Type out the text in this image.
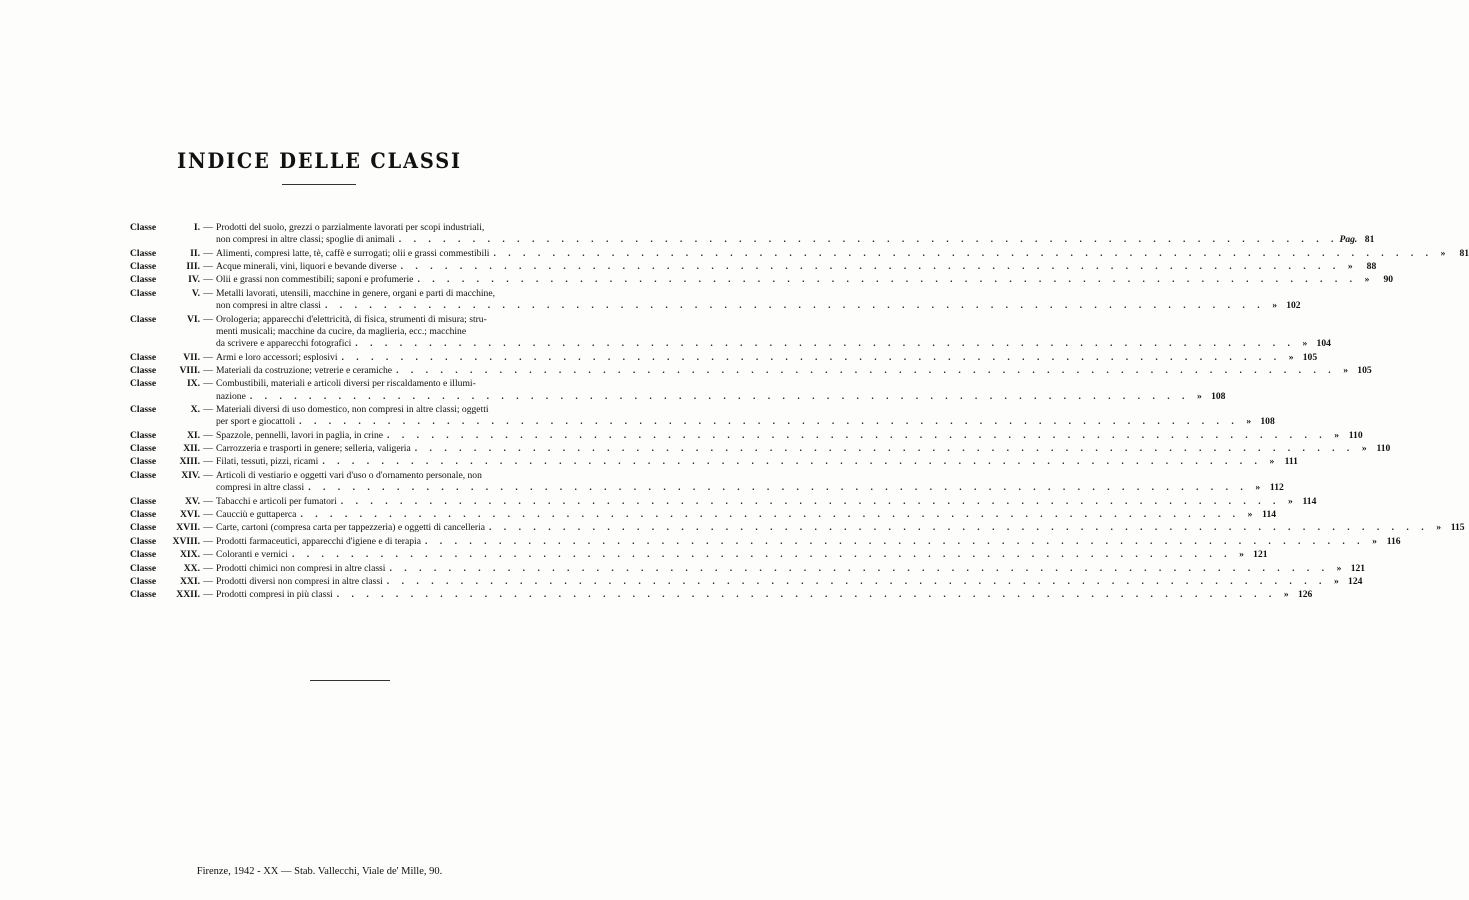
INDICE DELLE CLASSI
Classe	I. — Prodotti del suolo, grezzi o parzialmente lavorati per scopi industriali,
non compresi in altre classi; spoglie di animali . . . . . . . . . . . . . . . . . . . . . . . . . . . . . . . . . . . . . . . . . . . . . . . . . . . . . . . . . . . . . . . . Pag. 81
Classe	II. — Alimenti, compresi latte, tè, caffè e surrogati; olii e grassi commestibili . . . . . . . . . . . . . . . . . . . . . . . . . . . . . . . . . . . . . . . . . . . . . . . . . . . . . . . . . . . . . . . . »	81
Classe	III. — Acque minerali, vini, liquori e bevande diverse . . . . . . . . . . . . . . . . . . . . . . . . . . . . . . . . . . . . . . . . . . . . . . . . . . . . . . . . . . . . . . . . »	88
Classe	IV. — Olii e grassi non commestibili; saponi e profumerie . . . . . . . . . . . . . . . . . . . . . . . . . . . . . . . . . . . . . . . . . . . . . . . . . . . . . . . . . . . . . . . . »	90
Classe	V. — Metalli lavorati, utensili, macchine in genere, organi e parti di macchine,
non compresi in altre classi . . . . . . . . . . . . . . . . . . . . . . . . . . . . . . . . . . . . . . . . . . . . . . . . . . . . . . . . . . . . . . . . » 102
Classe	VI. — Orologeria; apparecchi d'elettricità, di fisica, strumenti di misura; stru-
menti musicali; macchine da cucire, da maglieria, ecc.; macchine
da scrivere e apparecchi fotografici . . . . . . . . . . . . . . . . . . . . . . . . . . . . . . . . . . . . . . . . . . . . . . . . . . . . . . . . . . . . . . . . » 104
Classe	VII. — Armi e loro accessori; esplosivi . . . . . . . . . . . . . . . . . . . . . . . . . . . . . . . . . . . . . . . . . . . . . . . . . . . . . . . . . . . . . . . . » 105
Classe	VIII. — Materiali da costruzione; vetrerie e ceramiche . . . . . . . . . . . . . . . . . . . . . . . . . . . . . . . . . . . . . . . . . . . . . . . . . . . . . . . . . . . . . . . . » 105
Classe	IX. — Combustibili, materiali e articoli diversi per riscaldamento e illumi-
nazione . . . . . . . . . . . . . . . . . . . . . . . . . . . . . . . . . . . . . . . . . . . . . . . . . . . . . . . . . . . . . . . . » 108
Classe	X. — Materiali diversi di uso domestico, non compresi in altre classi; oggetti
per sport e giocattoli . . . . . . . . . . . . . . . . . . . . . . . . . . . . . . . . . . . . . . . . . . . . . . . . . . . . . . . . . . . . . . . . » 108
Classe	XI. — Spazzole, pennelli, lavori in paglia, in crine . . . . . . . . . . . . . . . . . . . . . . . . . . . . . . . . . . . . . . . . . . . . . . . . . . . . . . . . . . . . . . . . »	110
Classe	XII. — Carrozzeria e trasporti in genere; selleria, valigeria . . . . . . . . . . . . . . . . . . . . . . . . . . . . . . . . . . . . . . . . . . . . . . . . . . . . . . . . . . . . . . . . »	110
Classe	XIII. — Filati, tessuti, pizzi, ricami . . . . . . . . . . . . . . . . . . . . . . . . . . . . . . . . . . . . . . . . . . . . . . . . . . . . . . . . . . . . . . . . »	111
Classe	XIV. — Articoli di vestiario e oggetti vari d'uso o d'ornamento personale, non
compresi in altre classi . . . . . . . . . . . . . . . . . . . . . . . . . . . . . . . . . . . . . . . . . . . . . . . . . . . . . . . . . . . . . . . . »	112
Classe	XV. — Tabacchi e articoli per fumatori . . . . . . . . . . . . . . . . . . . . . . . . . . . . . . . . . . . . . . . . . . . . . . . . . . . . . . . . . . . . . . . . »	114
Classe	XVI. — Caucciù e guttaperca . . . . . . . . . . . . . . . . . . . . . . . . . . . . . . . . . . . . . . . . . . . . . . . . . . . . . . . . . . . . . . . . »	114
Classe	XVII. — Carte, cartoni (compresa carta per tappezzeria) e oggetti di cancelleria . . . . . . . . . . . . . . . . . . . . . . . . . . . . . . . . . . . . . . . . . . . . . . . . . . . . . . . . . . . . . . . . »	115
Classe	XVIII. — Prodotti farmaceutici, apparecchi d'igiene e di terapia . . . . . . . . . . . . . . . . . . . . . . . . . . . . . . . . . . . . . . . . . . . . . . . . . . . . . . . . . . . . . . . . »	116
Classe	XIX. — Coloranti e vernici . . . . . . . . . . . . . . . . . . . . . . . . . . . . . . . . . . . . . . . . . . . . . . . . . . . . . . . . . . . . . . . . » 121
Classe	XX. — Prodotti chimici non compresi in altre classi . . . . . . . . . . . . . . . . . . . . . . . . . . . . . . . . . . . . . . . . . . . . . . . . . . . . . . . . . . . . . . . . » 121
Classe	XXI. — Prodotti diversi non compresi in altre classi . . . . . . . . . . . . . . . . . . . . . . . . . . . . . . . . . . . . . . . . . . . . . . . . . . . . . . . . . . . . . . . . » 124
Classe	XXII. — Prodotti compresi in più classi . . . . . . . . . . . . . . . . . . . . . . . . . . . . . . . . . . . . . . . . . . . . . . . . . . . . . . . . . . . . . . . . » 126
Firenze, 1942 - XX — Stab. Vallecchi, Viale de' Mille, 90.
